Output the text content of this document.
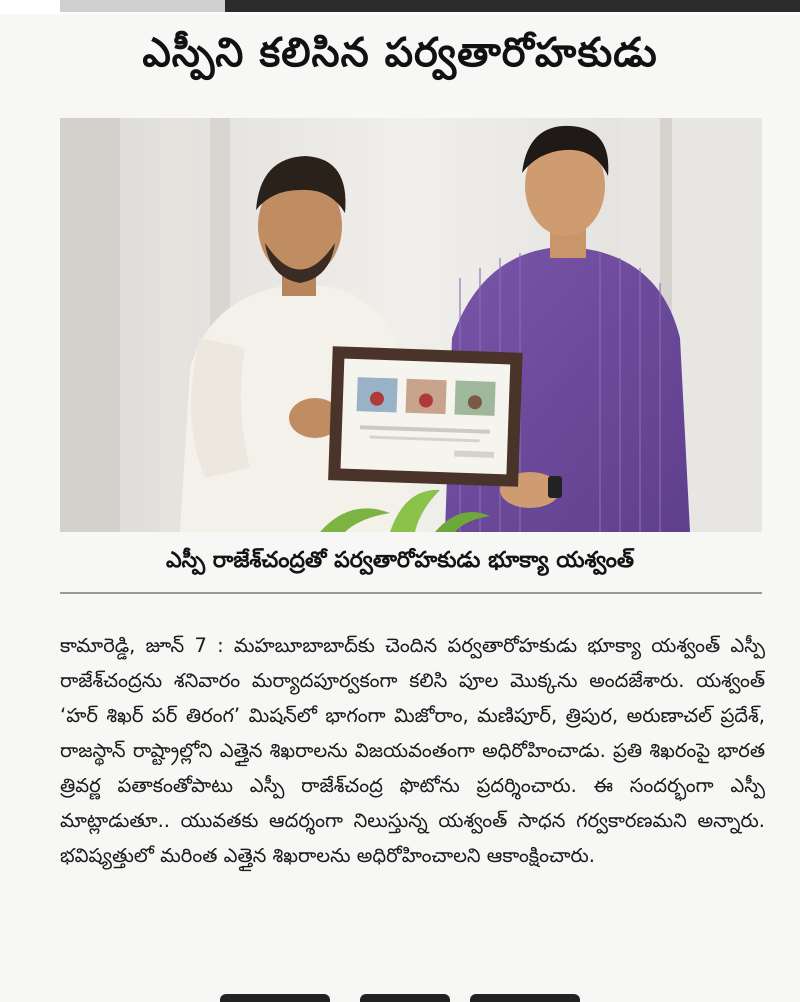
ఎస్పీని కలిసిన పర్వతారోహకుడు
ఎస్పీ రాజేశ్‌చంద్రతో పర్వతారోహకుడు భూక్యా యశ్వంత్
కామారెడ్డి, జూన్ 7 : మహబూబాబాద్‌కు చెందిన పర్వతారోహకుడు భూక్యా యశ్వంత్ ఎస్పీ రాజేశ్‌చంద్రను శనివారం మర్యాదపూర్వకంగా కలిసి పూల మొక్కను అందజేశారు. యశ్వంత్ ‘హర్ శిఖర్ పర్ తిరంగ’ మిషన్‌లో భాగంగా మిజోరాం, మణిపూర్, త్రిపుర, అరుణాచల్ ప్రదేశ్, రాజస్థాన్ రాష్ట్రాల్లోని ఎత్తైన శిఖరాలను విజయవంతంగా అధిరోహించాడు. ప్రతి శిఖరంపై భారత త్రివర్ణ పతాకంతోపాటు ఎస్పీ రాజేశ్‌చంద్ర ఫొటోను ప్రదర్శించారు. ఈ సందర్భంగా ఎస్పీ మాట్లాడుతూ.. యువతకు ఆదర్శంగా నిలుస్తున్న యశ్వంత్ సాధన గర్వకారణమని అన్నారు. భవిష్యత్తులో మరింత ఎత్తైన శిఖరాలను అధిరోహించాలని ఆకాంక్షించారు.
